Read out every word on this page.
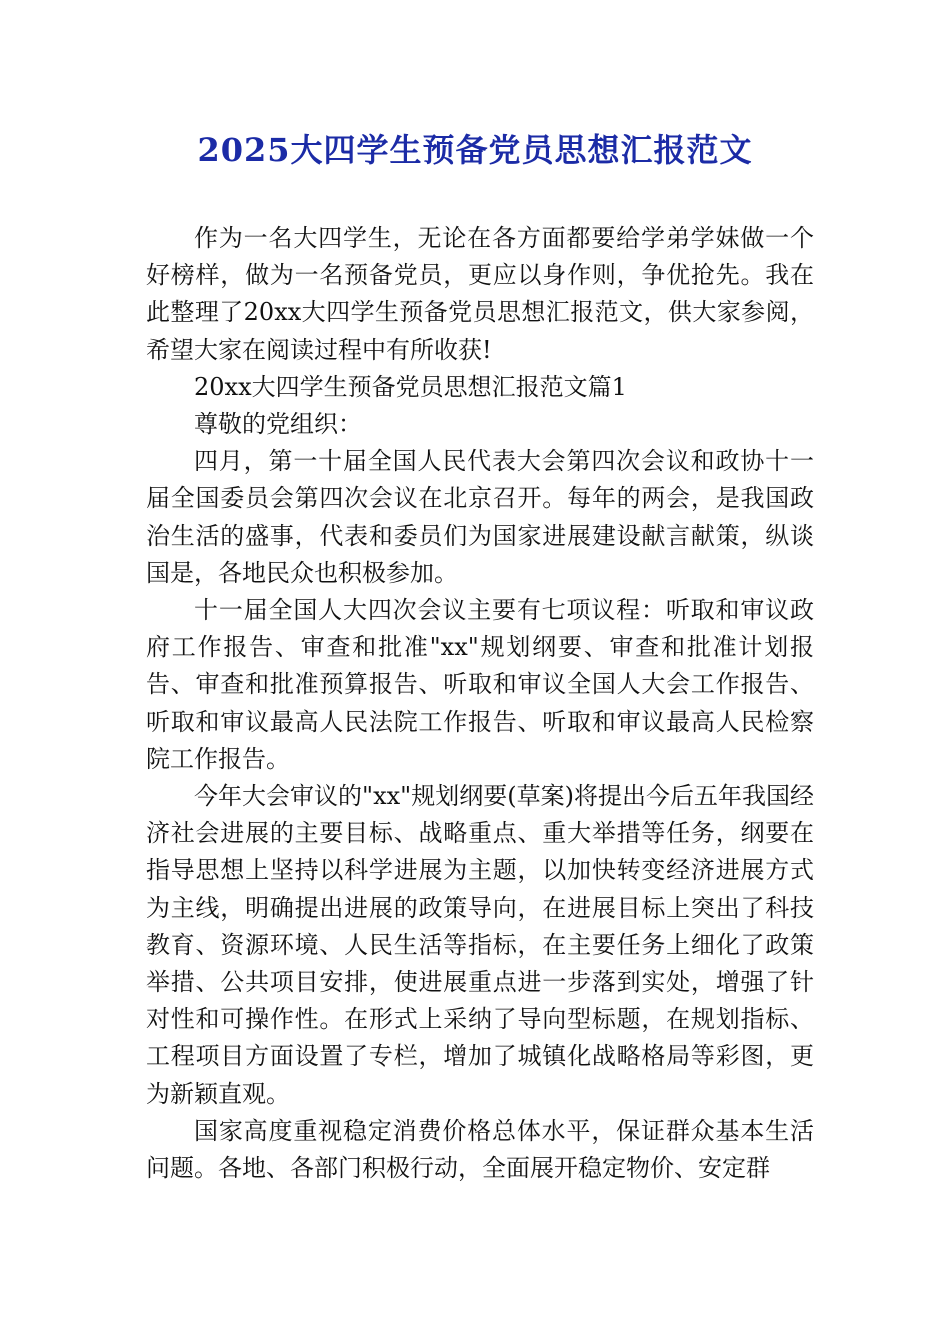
2025大四学生预备党员思想汇报范文

作为一名大四学生，无论在各方面都要给学弟学妹做一个好榜样，做为一名预备党员，更应以身作则，争优抢先。我在此整理了20xx大四学生预备党员思想汇报范文，供大家参阅，希望大家在阅读过程中有所收获!

20xx大四学生预备党员思想汇报范文篇1

尊敬的党组织：

四月，第一十届全国人民代表大会第四次会议和政协十一届全国委员会第四次会议在北京召开。每年的两会，是我国政治生活的盛事，代表和委员们为国家进展建设献言献策，纵谈国是，各地民众也积极参加。

十一届全国人大四次会议主要有七项议程：听取和审议政府工作报告、审查和批准"xx"规划纲要、审查和批准计划报告、审查和批准预算报告、听取和审议全国人大会工作报告、听取和审议最高人民法院工作报告、听取和审议最高人民检察院工作报告。

今年大会审议的"xx"规划纲要(草案)将提出今后五年我国经济社会进展的主要目标、战略重点、重大举措等任务，纲要在指导思想上坚持以科学进展为主题，以加快转变经济进展方式为主线，明确提出进展的政策导向，在进展目标上突出了科技教育、资源环境、人民生活等指标，在主要任务上细化了政策举措、公共项目安排，使进展重点进一步落到实处，增强了针对性和可操作性。在形式上采纳了导向型标题，在规划指标、工程项目方面设置了专栏，增加了城镇化战略格局等彩图，更为新颖直观。

国家高度重视稳定消费价格总体水平，保证群众基本生活问题。各地、各部门积极行动，全面展开稳定物价、安定群
